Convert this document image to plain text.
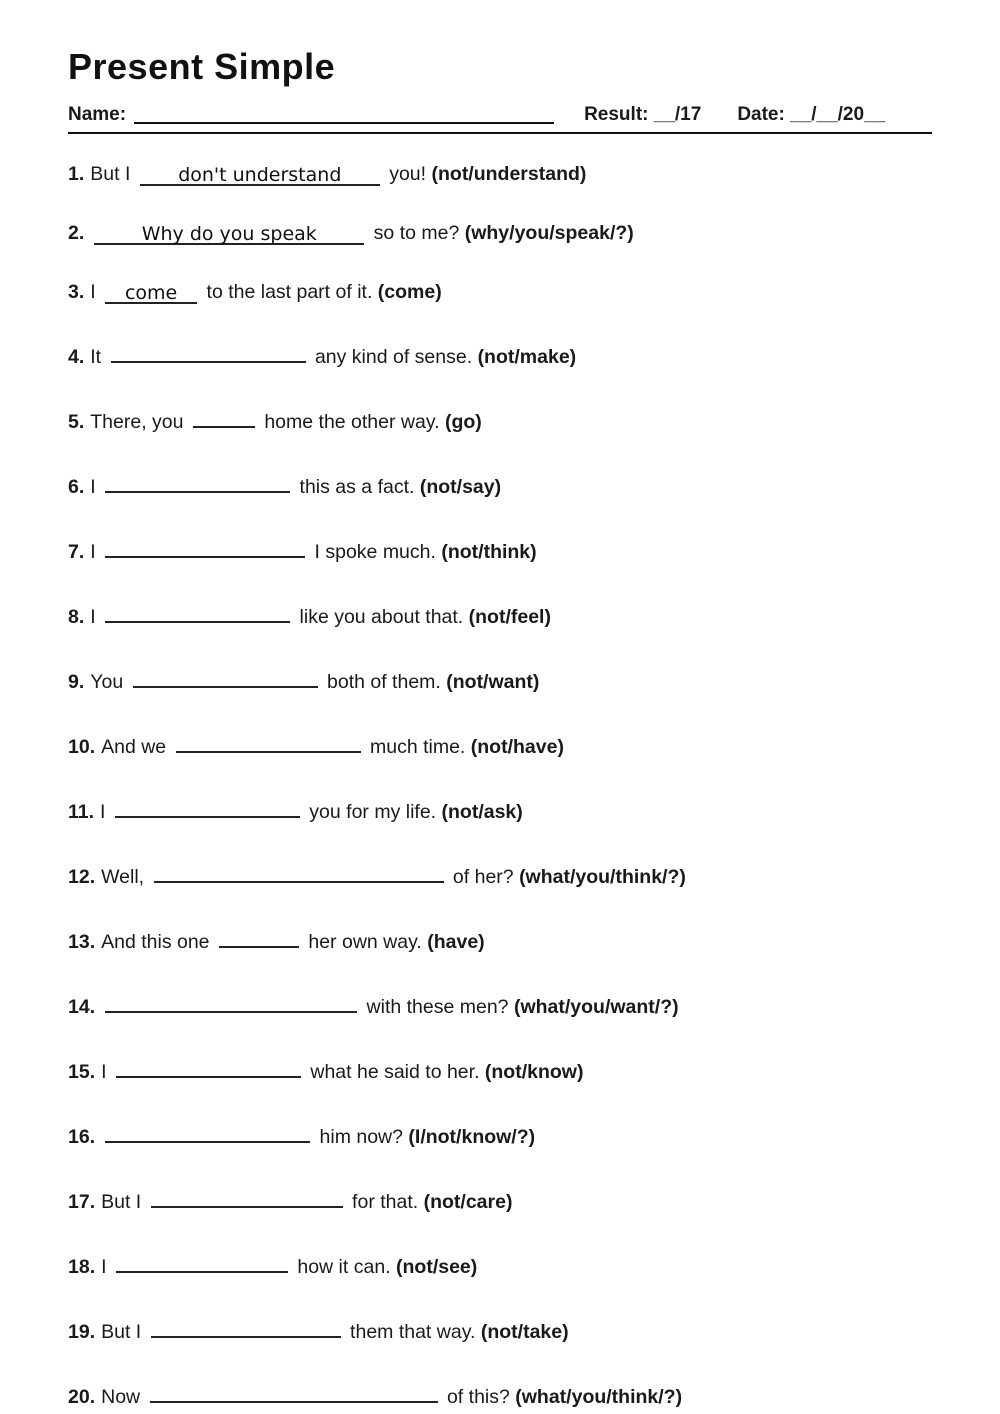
Present Simple
Name:	Result: __/17 Date: __/__/20__
1. But I don't understand you! (not/understand)
2.	Why do you speak	so to me? (why/you/speak/?)
3. I come to the last part of it. (come)
4. It	any kind of sense. (not/make)
5. There, you	home the other way. (go)
6. I	this as a fact. (not/say)
7. I	I spoke much. (not/think)
8. I	like you about that. (not/feel)
9. You	both of them. (not/want)
10. And we	much time. (not/have)
11. I	you for my life. (not/ask)
12. Well,	of her? (what/you/think/?)
13. And this one	her own way. (have)
14.	with these men? (what/you/want/?)
15. I	what he said to her. (not/know)
16.	him now? (I/not/know/?)
17. But I	for that. (not/care)
18. I	how it can. (not/see)
19. But I	them that way. (not/take)
20. Now	of this? (what/you/think/?)
